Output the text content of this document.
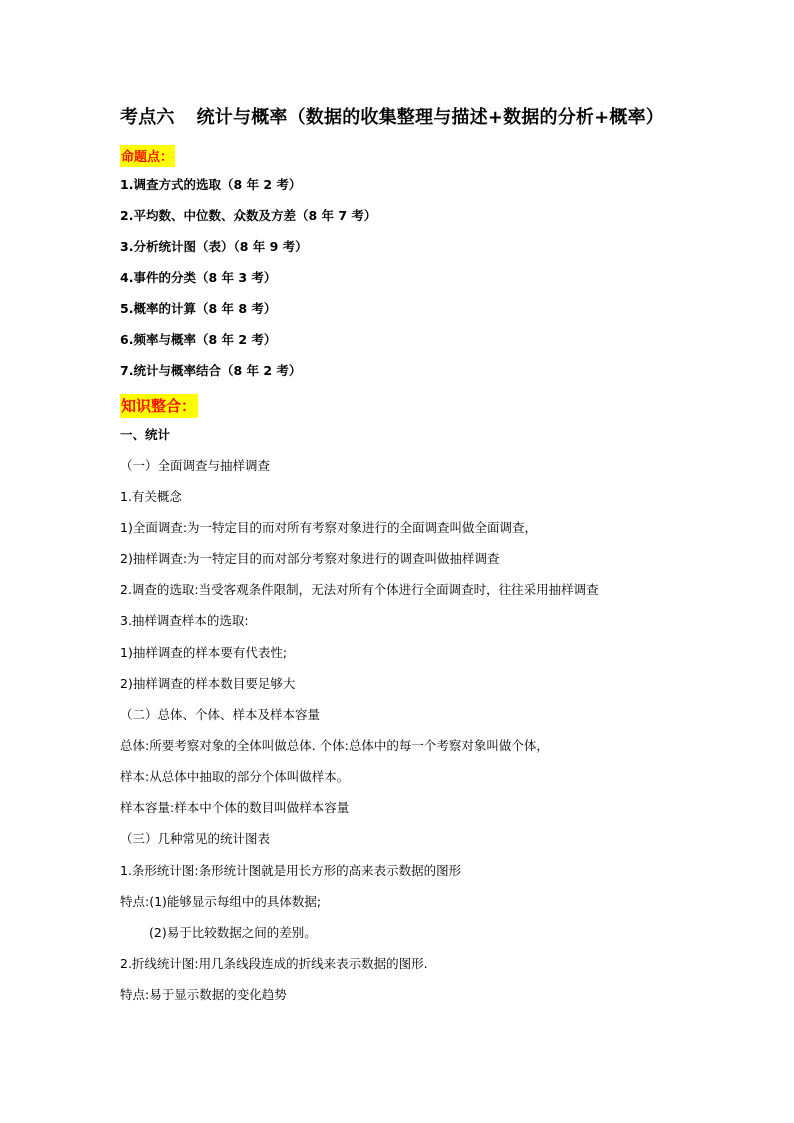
考点六 统计与概率（数据的收集整理与描述+数据的分析+概率）
命题点：
1.调查方式的选取（8 年 2 考）
2.平均数、中位数、众数及方差（8 年 7 考）
3.分析统计图（表）（8 年 9 考）
4.事件的分类（8 年 3 考）
5.概率的计算（8 年 8 考）
6.频率与概率（8 年 2 考）
7.统计与概率结合（8 年 2 考）
知识整合：
一、统计
（一）全面调查与抽样调查
1.有关概念
1)全面调查:为一特定目的而对所有考察对象进行的全面调查叫做全面调查，
2)抽样调查:为一特定目的而对部分考察对象进行的调查叫做抽样调查
2.调查的选取:当受客观条件限制，无法对所有个体进行全面调查时，往往采用抽样调查
3.抽样调查样本的选取:
1)抽样调查的样本要有代表性;
2)抽样调查的样本数目要足够大
（二）总体、个体、样本及样本容量
总体:所要考察对象的全体叫做总体. 个体:总体中的每一个考察对象叫做个体，
样本:从总体中抽取的部分个体叫做样本。
样本容量:样本中个体的数目叫做样本容量
（三）几种常见的统计图表
1.条形统计图:条形统计图就是用长方形的高来表示数据的图形
特点:(1)能够显示每组中的具体数据;
(2)易于比较数据之间的差别。
2.折线统计图:用几条线段连成的折线来表示数据的图形.
特点:易于显示数据的变化趋势
